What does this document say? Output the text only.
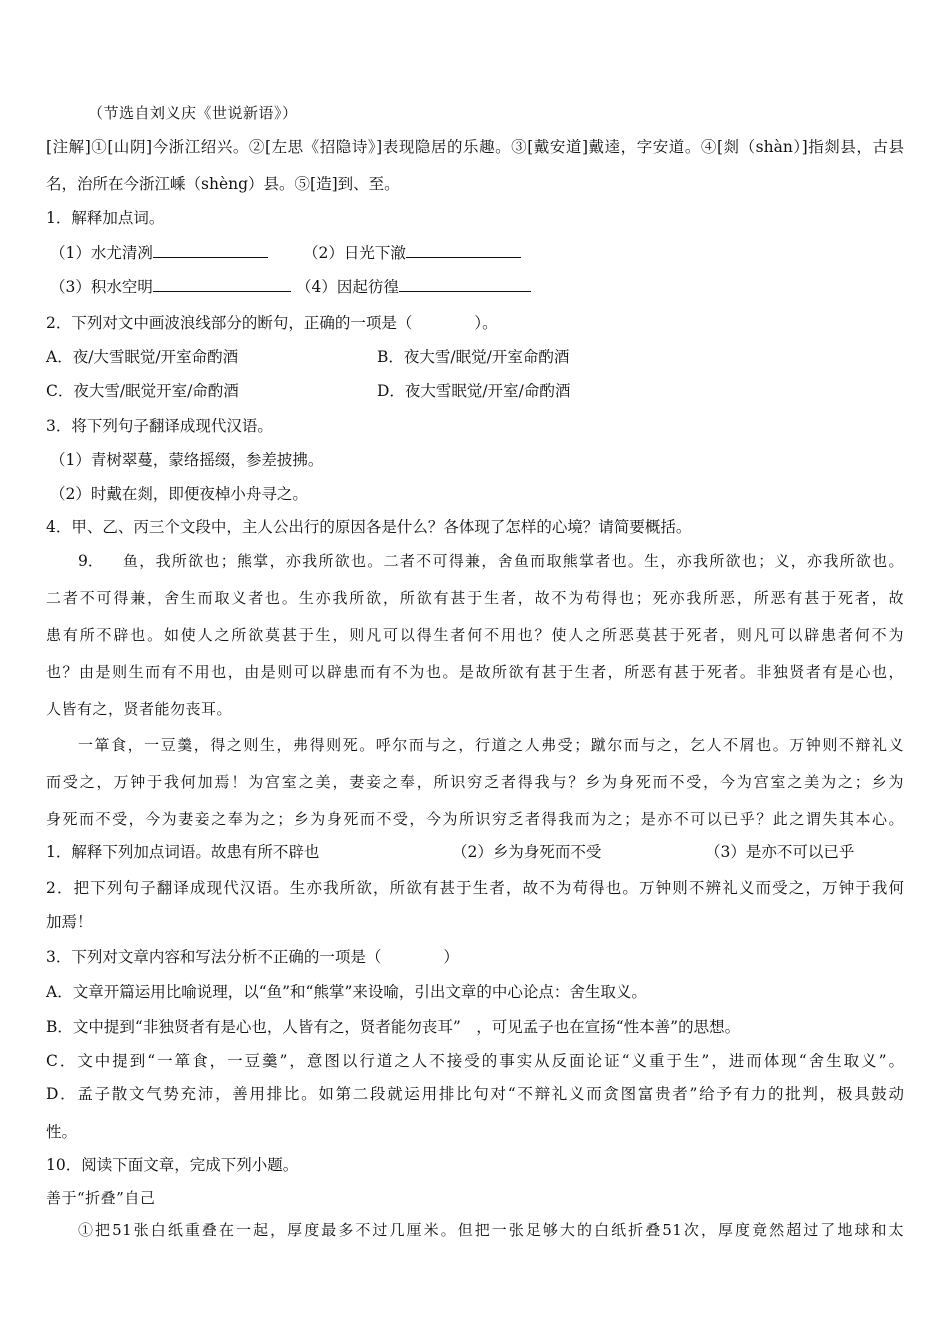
（节选自刘义庆《世说新语》）
[注解]①[山阴]今浙江绍兴。②[左思《招隐诗》]表现隐居的乐趣。③[戴安道]戴逵，字安道。④[剡（shàn）]指剡县，古县
名，治所在今浙江嵊（shèng）县。⑤[造]到、至。
1．解释加点词。
（1）水尤清冽	（2）日光下澈
（3）积水空明	（4）因起彷徨
2．下列对文中画波浪线部分的断句，正确的一项是（　　　　）。
A．夜/大雪眠觉/开室命酌酒	B．夜大雪/眠觉/开室命酌酒
C．夜大雪/眠觉开室/命酌酒	D．夜大雪眠觉/开室/命酌酒
3．将下列句子翻译成现代汉语。
（1）青树翠蔓，蒙络摇缀，参差披拂。
（2）时戴在剡，即便夜棹小舟寻之。
4．甲、乙、丙三个文段中，主人公出行的原因各是什么？各体现了怎样的心境？请简要概括。
9． 鱼，我所欲也；熊掌，亦我所欲也。二者不可得兼，舍鱼而取熊掌者也。生，亦我所欲也；义，亦我所欲也。
二者不可得兼，舍生而取义者也。生亦我所欲，所欲有甚于生者，故不为苟得也；死亦我所恶，所恶有甚于死者，故
患有所不辟也。如使人之所欲莫甚于生，则凡可以得生者何不用也？使人之所恶莫甚于死者，则凡可以辟患者何不为
也？由是则生而有不用也，由是则可以辟患而有不为也。是故所欲有甚于生者，所恶有甚于死者。非独贤者有是心也，
人皆有之，贤者能勿丧耳。
一箪食，一豆羹，得之则生，弗得则死。呼尔而与之，行道之人弗受；蹴尔而与之，乞人不屑也。万钟则不辩礼义
而受之，万钟于我何加焉！为宫室之美，妻妾之奉，所识穷乏者得我与？乡为身死而不受，今为宫室之美为之；乡为
身死而不受，今为妻妾之奉为之；乡为身死而不受，今为所识穷乏者得我而为之；是亦不可以已乎？此之谓失其本心。
1．解释下列加点词语。故患有所不辟也	（2）乡为身死而不受	（3）是亦不可以已乎
2．把下列句子翻译成现代汉语。生亦我所欲，所欲有甚于生者，故不为苟得也。万钟则不辨礼义而受之，万钟于我何
加焉！
3．下列对文章内容和写法分析不正确的一项是（　　　　）
A．文章开篇运用比喻说理，以“鱼”和“熊掌”来设喻，引出文章的中心论点：舍生取义。
B．文中提到“非独贤者有是心也，人皆有之，贤者能勿丧耳”　，可见孟子也在宣扬“性本善”的思想。
C．文中提到“一箪食，一豆羹”，意图以行道之人不接受的事实从反面论证“义重于生”，进而体现“舍生取义”。
D．孟子散文气势充沛，善用排比。如第二段就运用排比句对“不辩礼义而贪图富贵者”给予有力的批判，极具鼓动
性。
10．阅读下面文章，完成下列小题。
善于“折叠”自己
①把51张白纸重叠在一起，厚度最多不过几厘米。但把一张足够大的白纸折叠51次，厚度竟然超过了地球和太
